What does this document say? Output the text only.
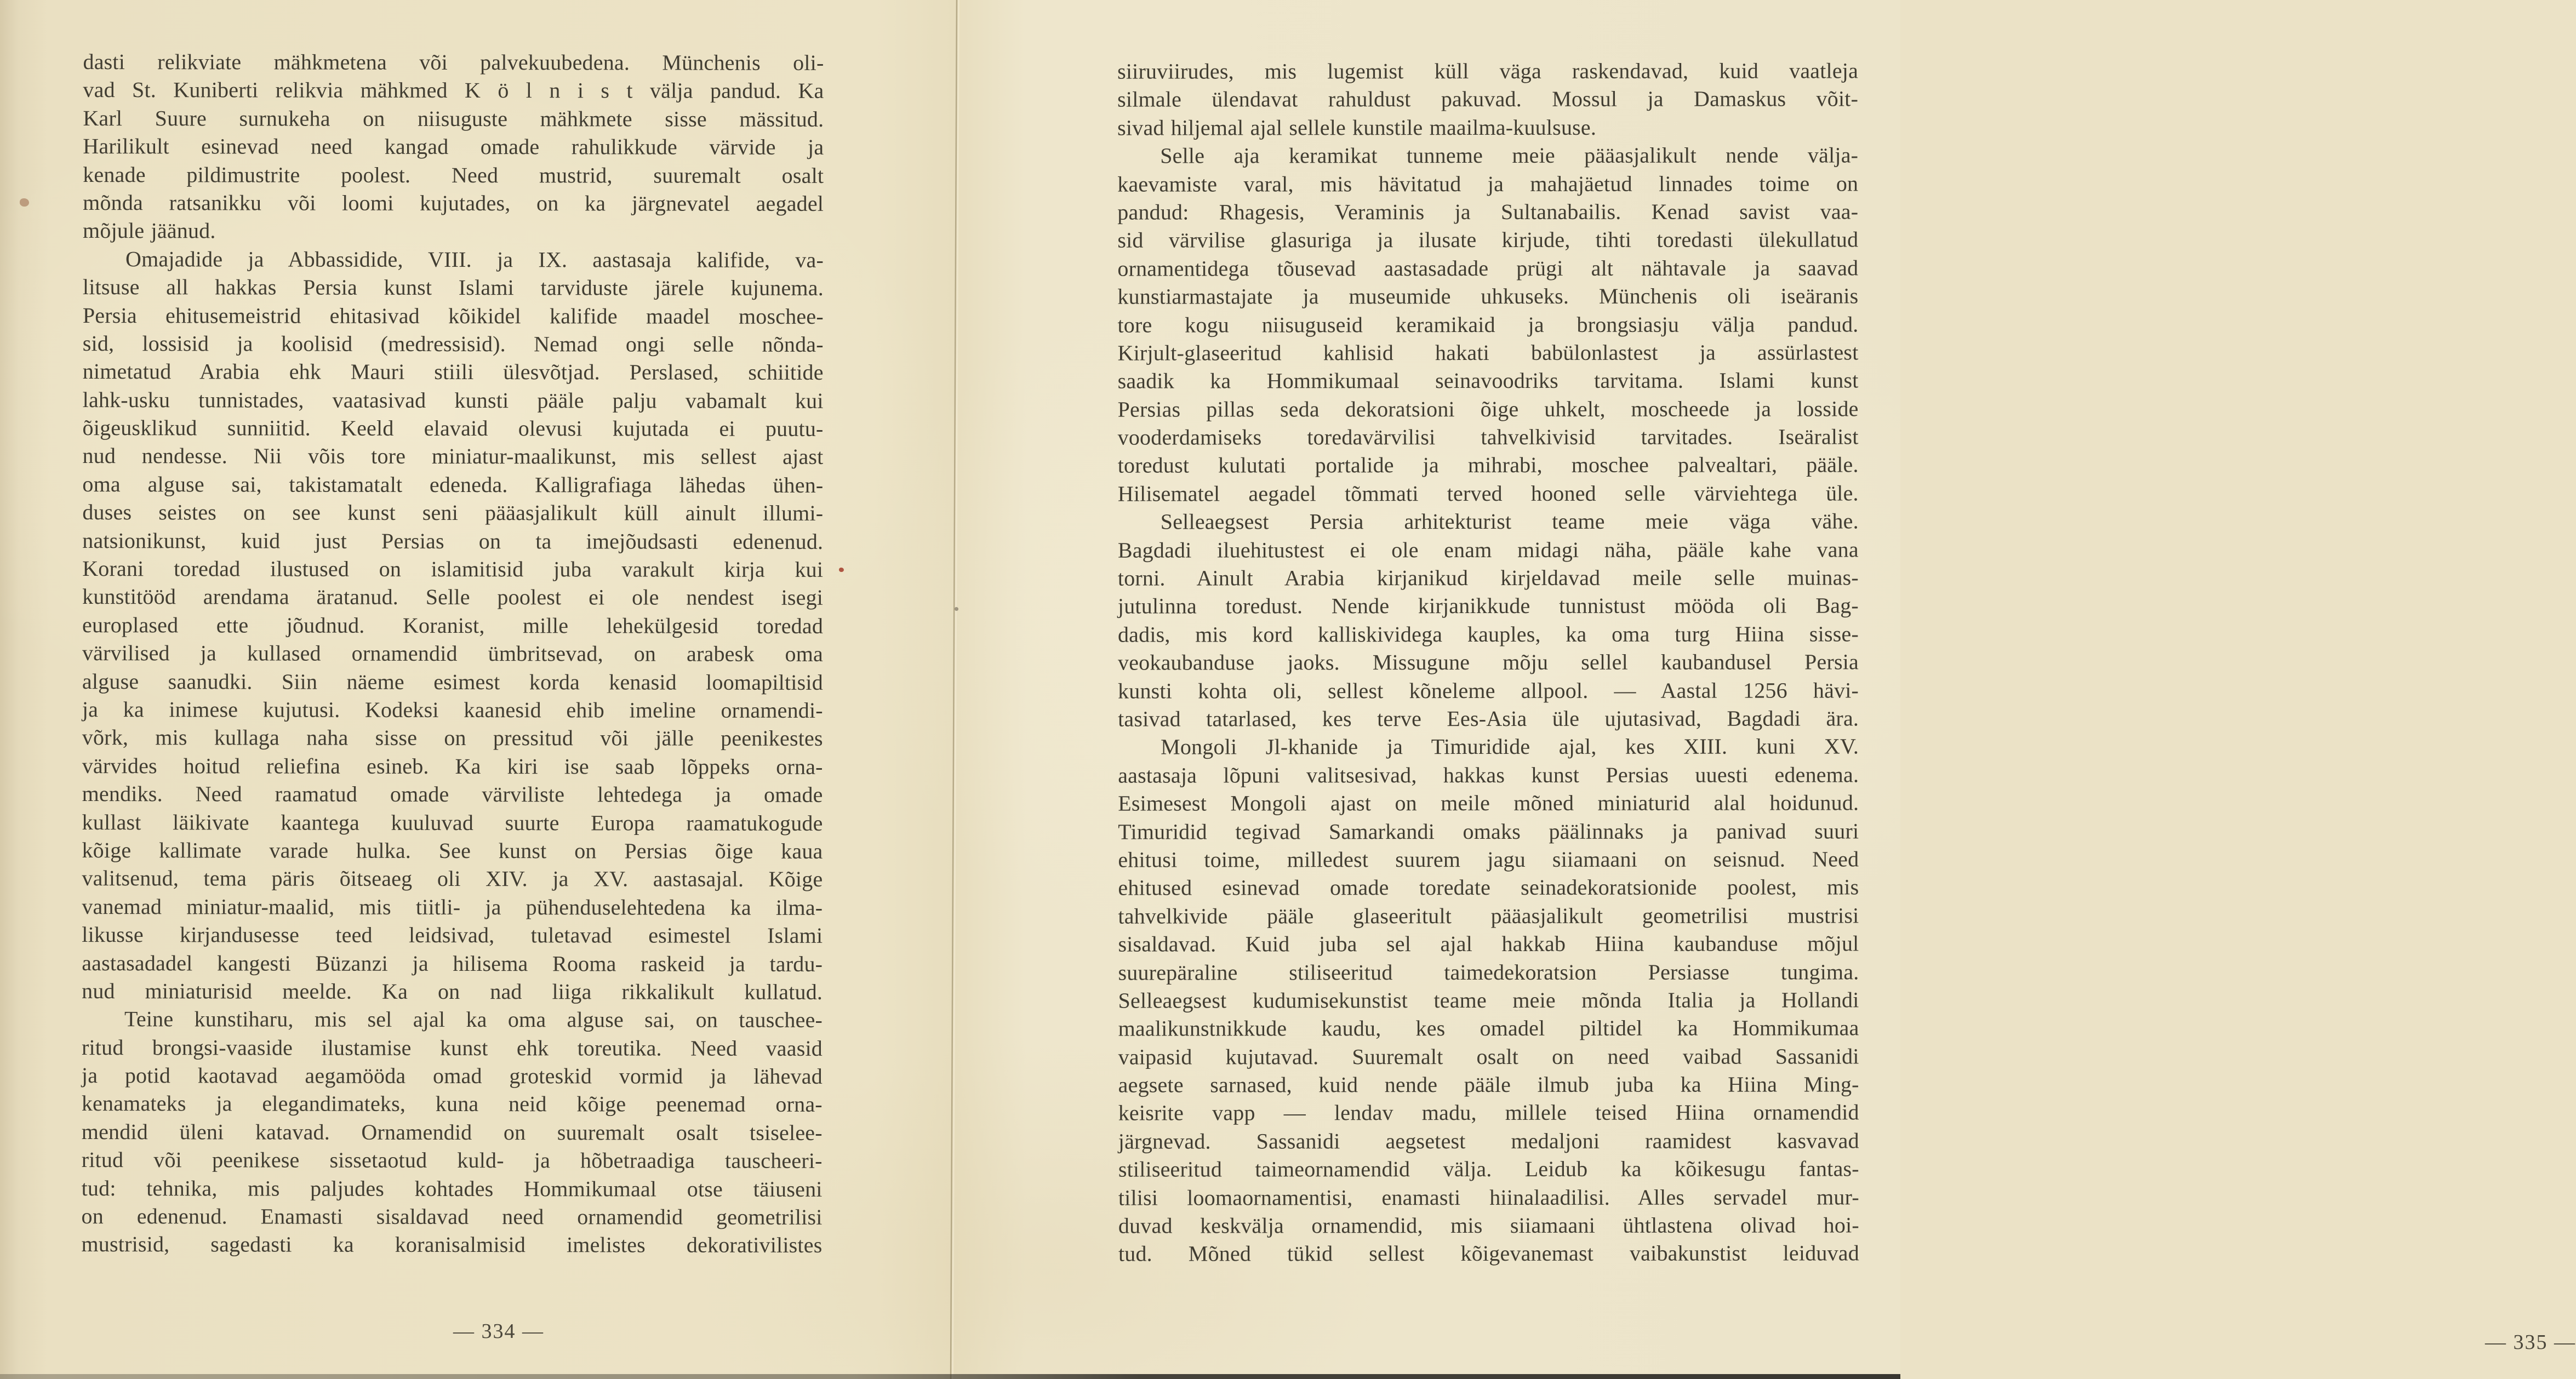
dasti relikviate mähkmetena või palvekuubedena. Münchenis oli-
vad St. Kuniberti relikvia mähkmed K ö l n i s t välja pandud. Ka
Karl Suure surnukeha on niisuguste mähkmete sisse mässitud.
Harilikult esinevad need kangad omade rahulikkude värvide ja
kenade pildimustrite poolest. Need mustrid, suuremalt osalt
mõnda ratsanikku või loomi kujutades, on ka järgnevatel aegadel
mõjule jäänud.
Omajadide ja Abbassidide, VIII. ja IX. aastasaja kalifide, va-
litsuse all hakkas Persia kunst Islami tarviduste järele kujunema.
Persia ehitusemeistrid ehitasivad kõikidel kalifide maadel moschee-
sid, lossisid ja koolisid (medressisid). Nemad ongi selle nõnda-
nimetatud Arabia ehk Mauri stiili ülesvõtjad. Perslased, schiitide
lahk-usku tunnistades, vaatasivad kunsti pääle palju vabamalt kui
õigeusklikud sunniitid. Keeld elavaid olevusi kujutada ei puutu-
nud nendesse. Nii võis tore miniatur-maalikunst, mis sellest ajast
oma alguse sai, takistamatalt edeneda. Kalligrafiaga lähedas ühen-
duses seistes on see kunst seni pääasjalikult küll ainult illumi-
natsionikunst, kuid just Persias on ta imejõudsasti edenenud.
Korani toredad ilustused on islamitisid juba varakult kirja kui
kunstitööd arendama äratanud. Selle poolest ei ole nendest isegi
europlased ette jõudnud. Koranist, mille lehekülgesid toredad
värvilised ja kullased ornamendid ümbritsevad, on arabesk oma
alguse saanudki. Siin näeme esimest korda kenasid loomapiltisid
ja ka inimese kujutusi. Kodeksi kaanesid ehib imeline ornamendi-
võrk, mis kullaga naha sisse on pressitud või jälle peenikestes
värvides hoitud reliefina esineb. Ka kiri ise saab lõppeks orna-
mendiks. Need raamatud omade värviliste lehtedega ja omade
kullast läikivate kaantega kuuluvad suurte Europa raamatukogude
kõige kallimate varade hulka. See kunst on Persias õige kaua
valitsenud, tema päris õitseaeg oli XIV. ja XV. aastasajal. Kõige
vanemad miniatur-maalid, mis tiitli- ja pühenduselehtedena ka ilma-
likusse kirjandusesse teed leidsivad, tuletavad esimestel Islami
aastasadadel kangesti Büzanzi ja hilisema Rooma raskeid ja tardu-
nud miniaturisid meelde. Ka on nad liiga rikkalikult kullatud.
Teine kunstiharu, mis sel ajal ka oma alguse sai, on tauschee-
ritud brongsi-vaaside ilustamise kunst ehk toreutika. Need vaasid
ja potid kaotavad aegamööda omad groteskid vormid ja lähevad
kenamateks ja elegandimateks, kuna neid kõige peenemad orna-
mendid üleni katavad. Ornamendid on suuremalt osalt tsiselee-
ritud või peenikese sissetaotud kuld- ja hõbetraadiga tauscheeri-
tud: tehnika, mis paljudes kohtades Hommikumaal otse täiuseni
on edenenud. Enamasti sisaldavad need ornamendid geometrilisi
mustrisid, sagedasti ka koranisalmisid imelistes dekorativilistes
— 334 —
siiruviirudes, mis lugemist küll väga raskendavad, kuid vaatleja
silmale ülendavat rahuldust pakuvad. Mossul ja Damaskus võit-
sivad hiljemal ajal sellele kunstile maailma-kuulsuse.
Selle aja keramikat tunneme meie pääasjalikult nende välja-
kaevamiste varal, mis hävitatud ja mahajäetud linnades toime on
pandud: Rhagesis, Veraminis ja Sultanabailis. Kenad savist vaa-
sid värvilise glasuriga ja ilusate kirjude, tihti toredasti ülekullatud
ornamentidega tõusevad aastasadade prügi alt nähtavale ja saavad
kunstiarmastajate ja museumide uhkuseks. Münchenis oli iseäranis
tore kogu niisuguseid keramikaid ja brongsiasju välja pandud.
Kirjult-glaseeritud kahlisid hakati babülonlastest ja assürlastest
saadik ka Hommikumaal seinavoodriks tarvitama. Islami kunst
Persias pillas seda dekoratsioni õige uhkelt, moscheede ja losside
vooderdamiseks toredavärvilisi tahvelkivisid tarvitades. Iseäralist
toredust kulutati portalide ja mihrabi, moschee palvealtari, pääle.
Hilisematel aegadel tõmmati terved hooned selle värviehtega üle.
Selleaegsest Persia arhitekturist teame meie väga vähe.
Bagdadi iluehitustest ei ole enam midagi näha, pääle kahe vana
torni. Ainult Arabia kirjanikud kirjeldavad meile selle muinas-
jutulinna toredust. Nende kirjanikkude tunnistust mööda oli Bag-
dadis, mis kord kalliskividega kauples, ka oma turg Hiina sisse-
veokaubanduse jaoks. Missugune mõju sellel kaubandusel Persia
kunsti kohta oli, sellest kõneleme allpool. — Aastal 1256 hävi-
tasivad tatarlased, kes terve Ees-Asia üle ujutasivad, Bagdadi ära.
Mongoli Jl-khanide ja Timuridide ajal, kes XIII. kuni XV.
aastasaja lõpuni valitsesivad, hakkas kunst Persias uuesti edenema.
Esimesest Mongoli ajast on meile mõned miniaturid alal hoidunud.
Timuridid tegivad Samarkandi omaks päälinnaks ja panivad suuri
ehitusi toime, milledest suurem jagu siiamaani on seisnud. Need
ehitused esinevad omade toredate seinadekoratsionide poolest, mis
tahvelkivide pääle glaseeritult pääasjalikult geometrilisi mustrisi
sisaldavad. Kuid juba sel ajal hakkab Hiina kaubanduse mõjul
suurepäraline stiliseeritud taimedekoratsion Persiasse tungima.
Selleaegsest kudumisekunstist teame meie mõnda Italia ja Hollandi
maalikunstnikkude kaudu, kes omadel piltidel ka Hommikumaa
vaipasid kujutavad. Suuremalt osalt on need vaibad Sassanidi
aegsete sarnased, kuid nende pääle ilmub juba ka Hiina Ming-
keisrite vapp — lendav madu, millele teised Hiina ornamendid
järgnevad. Sassanidi aegsetest medaljoni raamidest kasvavad
stiliseeritud taimeornamendid välja. Leidub ka kõikesugu fantas-
tilisi loomaornamentisi, enamasti hiinalaadilisi. Alles servadel mur-
duvad keskvälja ornamendid, mis siiamaani ühtlastena olivad hoi-
tud. Mõned tükid sellest kõigevanemast vaibakunstist leiduvad
— 335 —
